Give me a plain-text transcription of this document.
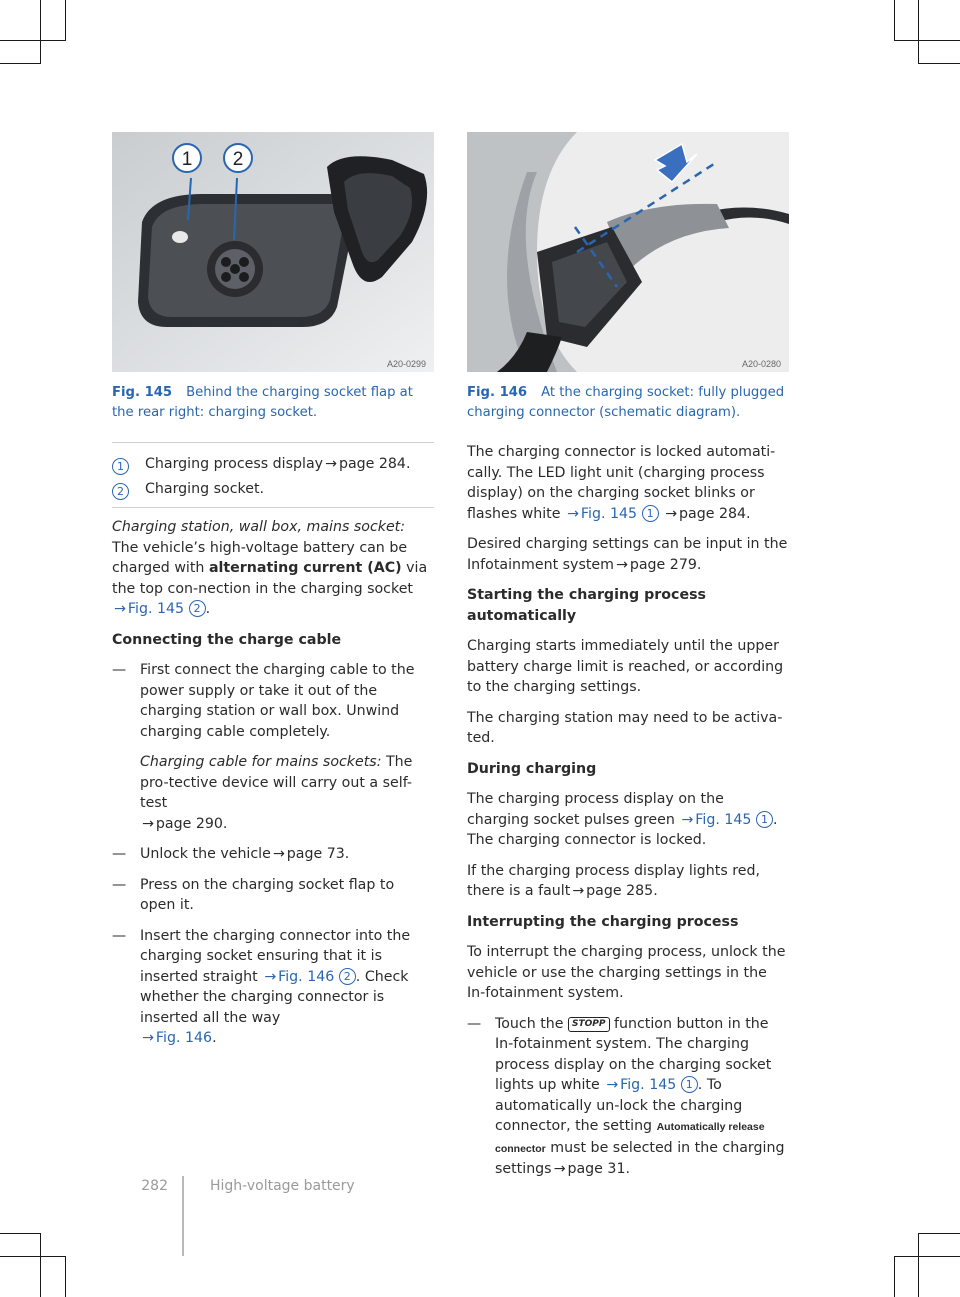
1 2
A20-0299
Fig. 145 Behind the charging socket flap at the rear right: charging socket.
A20-0280
Fig. 146 At the charging socket: fully plugged charging connector (schematic diagram).
1	Charging process display → page 284.
2	Charging socket.

Charging station, wall box, mains socket: The vehicle’s high-voltage battery can be charged with alternating current (AC) via the top con-nection in the charging socket → Fig. 145 2 .

Connecting the charge cable

— First connect the charging cable to the power supply or take it out of the charging station or wall box. Unwind charging cable completely.
Charging cable for mains sockets: The pro-tective device will carry out a self-test
→ page 290.
— Unlock the vehicle → page 73.
— Press on the charging socket flap to open it.
— Insert the charging connector into the charging socket ensuring that it is inserted straight → Fig. 146 2 . Check whether the charging connector is inserted all the way
→ Fig. 146.

The charging connector is locked automati-cally. The LED light unit (charging process display) on the charging socket blinks or flashes white → Fig. 145 1 → page 284.

Desired charging settings can be input in the Infotainment system → page 279.

Starting the charging process automatically

Charging starts immediately until the upper battery charge limit is reached, or according to the charging settings.

The charging station may need to be activa-ted.

During charging

The charging process display on the charging socket pulses green → Fig. 145 1 . The charging connector is locked.

If the charging process display lights red, there is a fault → page 285.

Interrupting the charging process

To interrupt the charging process, unlock the vehicle or use the charging settings in the In-fotainment system.

— Touch the STOPP function button in the In-fotainment system. The charging process display on the charging socket lights up white → Fig. 145 1 . To automatically un-lock the charging connector, the setting Automatically release connector must be selected in the charging settings → page 31.
282	High-voltage battery
